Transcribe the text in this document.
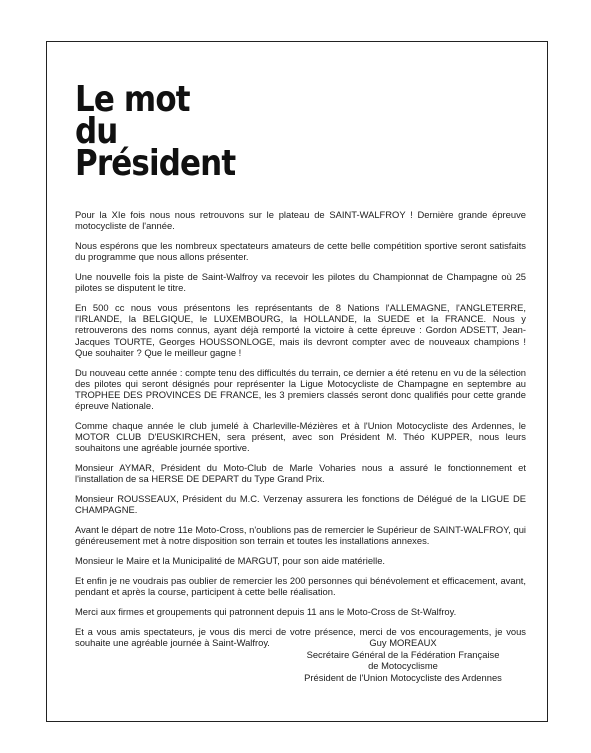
Le mot
du
Président

Pour la XIe fois nous nous retrouvons sur le plateau de SAINT-WALFROY ! Dernière grande épreuve motocycliste de l'année.

Nous espérons que les nombreux spectateurs amateurs de cette belle compétition sportive seront satisfaits du programme que nous allons présenter.

Une nouvelle fois la piste de Saint-Walfroy va recevoir les pilotes du Championnat de Champagne où 25 pilotes se disputent le titre.

En 500 cc nous vous présentons les représentants de 8 Nations l'ALLEMAGNE, l'ANGLETERRE, l'IRLANDE, la BELGIQUE, le LUXEMBOURG, la HOLLANDE, la SUEDE et la FRANCE. Nous y retrouverons des noms connus, ayant déjà remporté la victoire à cette épreuve : Gordon ADSETT, Jean-Jacques TOURTE, Georges HOUSSONLOGE, mais ils devront compter avec de nouveaux champions ! Que souhaiter ? Que le meilleur gagne !

Du nouveau cette année : compte tenu des difficultés du terrain, ce dernier a été retenu en vu de la sélection des pilotes qui seront désignés pour représenter la Ligue Motocycliste de Champagne en septembre au TROPHEE DES PROVINCES DE FRANCE, les 3 premiers classés seront donc qualifiés pour cette grande épreuve Nationale.

Comme chaque année le club jumelé à Charleville-Mézières et à l'Union Motocycliste des Ardennes, le MOTOR CLUB D'EUSKIRCHEN, sera présent, avec son Président M. Théo KUPPER, nous leurs souhaitons une agréable journée sportive.

Monsieur AYMAR, Président du Moto-Club de Marle Voharies nous a assuré le fonctionnement et l'installation de sa HERSE DE DEPART du Type Grand Prix.

Monsieur ROUSSEAUX, Président du M.C. Verzenay assurera les fonctions de Délégué de la LIGUE DE CHAMPAGNE.

Avant le départ de notre 11e Moto-Cross, n'oublions pas de remercier le Supérieur de SAINT-WALFROY, qui généreusement met à notre disposition son terrain et toutes les installations annexes.

Monsieur le Maire et la Municipalité de MARGUT, pour son aide matérielle.

Et enfin je ne voudrais pas oublier de remercier les 200 personnes qui bénévolement et efficacement, avant, pendant et après la course, participent à cette belle réalisation.

Merci aux firmes et groupements qui patronnent depuis 11 ans le Moto-Cross de St-Walfroy.

Et a vous amis spectateurs, je vous dis merci de votre présence, merci de vos encouragements, je vous souhaite une agréable journée à Saint-Walfroy.	Guy MOREAUX
Secrétaire Général de la Fédération Française
de Motocyclisme
Président de l'Union Motocycliste des Ardennes
